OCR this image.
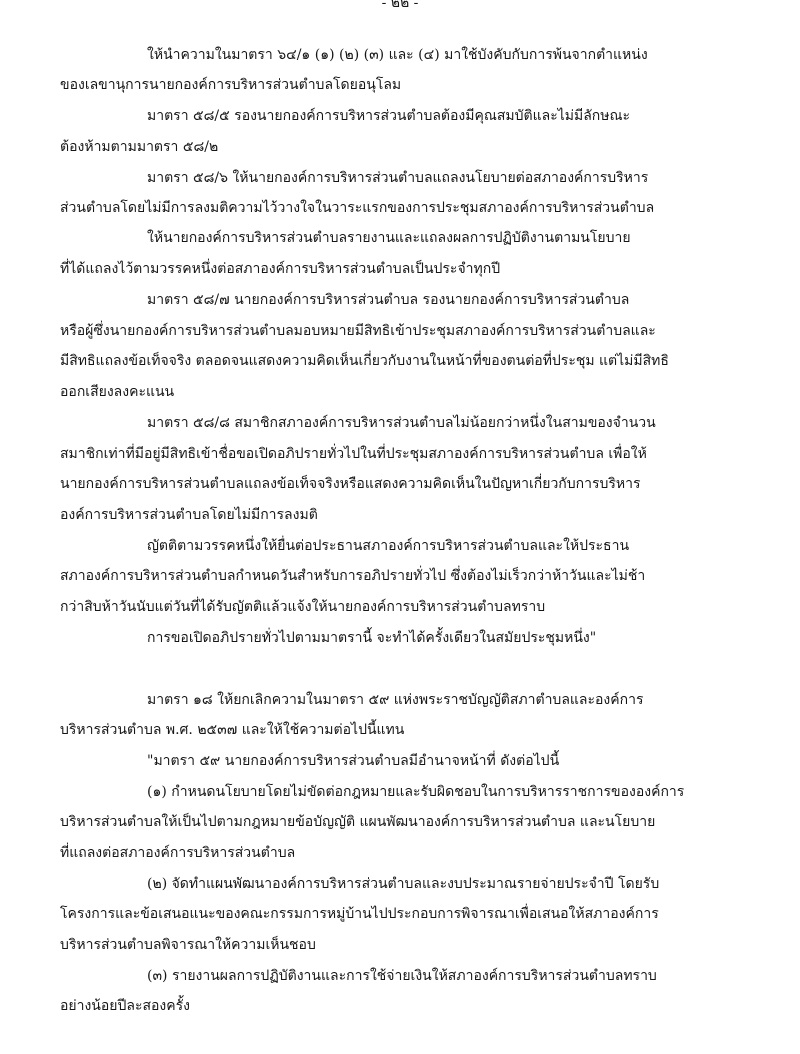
- ๒๒ -
ให้นำความในมาตรา ๖๔/๑ (๑) (๒) (๓) และ (๔) มาใช้บังคับกับการพ้นจากตำแหน่ง
ของเลขานุการนายกองค์การบริหารส่วนตำบลโดยอนุโลม
มาตรา ๕๘/๕ รองนายกองค์การบริหารส่วนตำบลต้องมีคุณสมบัติและไม่มีลักษณะ
ต้องห้ามตามมาตรา ๕๘/๒
มาตรา ๕๘/๖ ให้นายกองค์การบริหารส่วนตำบลแถลงนโยบายต่อสภาองค์การบริหาร
ส่วนตำบลโดยไม่มีการลงมติความไว้วางใจในวาระแรกของการประชุมสภาองค์การบริหารส่วนตำบล
ให้นายกองค์การบริหารส่วนตำบลรายงานและแถลงผลการปฏิบัติงานตามนโยบาย
ที่ได้แถลงไว้ตามวรรคหนึ่งต่อสภาองค์การบริหารส่วนตำบลเป็นประจำทุกปี
มาตรา ๕๘/๗ นายกองค์การบริหารส่วนตำบล รองนายกองค์การบริหารส่วนตำบล
หรือผู้ซึ่งนายกองค์การบริหารส่วนตำบลมอบหมายมีสิทธิเข้าประชุมสภาองค์การบริหารส่วนตำบลและ
มีสิทธิแถลงข้อเท็จจริง ตลอดจนแสดงความคิดเห็นเกี่ยวกับงานในหน้าที่ของตนต่อที่ประชุม แต่ไม่มีสิทธิ
ออกเสียงลงคะแนน
มาตรา ๕๘/๘ สมาชิกสภาองค์การบริหารส่วนตำบลไม่น้อยกว่าหนึ่งในสามของจำนวน
สมาชิกเท่าที่มีอยู่มีสิทธิเข้าชื่อขอเปิดอภิปรายทั่วไปในที่ประชุมสภาองค์การบริหารส่วนตำบล เพื่อให้
นายกองค์การบริหารส่วนตำบลแถลงข้อเท็จจริงหรือแสดงความคิดเห็นในปัญหาเกี่ยวกับการบริหาร
องค์การบริหารส่วนตำบลโดยไม่มีการลงมติ
ญัตติตามวรรคหนึ่งให้ยื่นต่อประธานสภาองค์การบริหารส่วนตำบลและให้ประธาน
สภาองค์การบริหารส่วนตำบลกำหนดวันสำหรับการอภิปรายทั่วไป ซึ่งต้องไม่เร็วกว่าห้าวันและไม่ช้า
กว่าสิบห้าวันนับแต่วันที่ได้รับญัตติแล้วแจ้งให้นายกองค์การบริหารส่วนตำบลทราบ
การขอเปิดอภิปรายทั่วไปตามมาตรานี้ จะทำได้ครั้งเดียวในสมัยประชุมหนึ่ง"
มาตรา ๑๘ ให้ยกเลิกความในมาตรา ๕๙ แห่งพระราชบัญญัติสภาตำบลและองค์การ
บริหารส่วนตำบล พ.ศ. ๒๕๓๗ และให้ใช้ความต่อไปนี้แทน
"มาตรา ๕๙ นายกองค์การบริหารส่วนตำบลมีอำนาจหน้าที่ ดังต่อไปนี้
(๑) กำหนดนโยบายโดยไม่ขัดต่อกฎหมายและรับผิดชอบในการบริหารราชการขององค์การ
บริหารส่วนตำบลให้เป็นไปตามกฎหมายข้อบัญญัติ แผนพัฒนาองค์การบริหารส่วนตำบล และนโยบาย
ที่แถลงต่อสภาองค์การบริหารส่วนตำบล
(๒) จัดทำแผนพัฒนาองค์การบริหารส่วนตำบลและงบประมาณรายจ่ายประจำปี โดยรับ
โครงการและข้อเสนอแนะของคณะกรรมการหมู่บ้านไปประกอบการพิจารณาเพื่อเสนอให้สภาองค์การ
บริหารส่วนตำบลพิจารณาให้ความเห็นชอบ
(๓) รายงานผลการปฏิบัติงานและการใช้จ่ายเงินให้สภาองค์การบริหารส่วนตำบลทราบ
อย่างน้อยปีละสองครั้ง
